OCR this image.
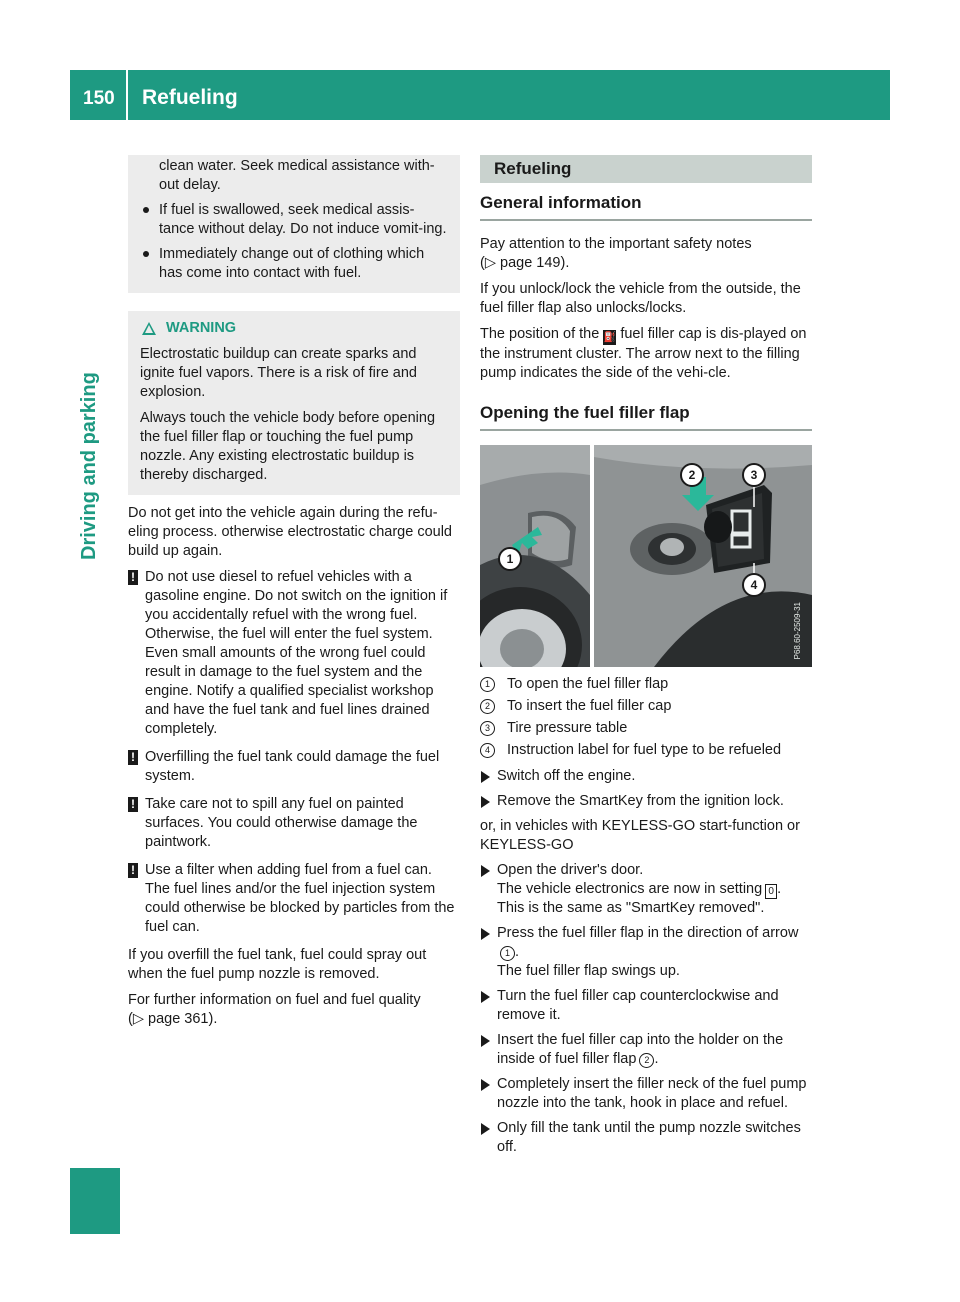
150 Refueling
Driving and parking
clean water. Seek medical assistance with-out delay.
If fuel is swallowed, seek medical assis-tance without delay. Do not induce vomit-ing.
Immediately change out of clothing which has come into contact with fuel.
WARNING
Electrostatic buildup can create sparks and ignite fuel vapors. There is a risk of fire and explosion.
Always touch the vehicle body before opening the fuel filler flap or touching the fuel pump nozzle. Any existing electrostatic buildup is thereby discharged.

Do not get into the vehicle again during the refu-eling process. otherwise electrostatic charge could build up again.

! Do not use diesel to refuel vehicles with a gasoline engine. Do not switch on the ignition if you accidentally refuel with the wrong fuel. Otherwise, the fuel will enter the fuel system. Even small amounts of the wrong fuel could result in damage to the fuel system and the engine. Notify a qualified specialist workshop and have the fuel tank and fuel lines drained completely.
! Overfilling the fuel tank could damage the fuel system.
! Take care not to spill any fuel on painted surfaces. You could otherwise damage the paintwork.
! Use a filter when adding fuel from a fuel can. The fuel lines and/or the fuel injection system could otherwise be blocked by particles from the fuel can.

If you overfill the fuel tank, fuel could spray out when the fuel pump nozzle is removed.

For further information on fuel and fuel quality
(▷ page 361).

Refueling
General information

Pay attention to the important safety notes
(▷ page 149).

If you unlock/lock the vehicle from the outside, the fuel filler flap also unlocks/locks.

The position of the ⛽ fuel filler cap is dis-played on the instrument cluster. The arrow next to the filling pump indicates the side of the vehi-cle.

Opening the fuel filler flap
1
2	3
4
P68.60-2509-31
1	To open the fuel filler flap
2	To insert the fuel filler cap
3	Tire pressure table
4	Instruction label for fuel type to be refueled
Switch off the engine.
Remove the SmartKey from the ignition lock.
or, in vehicles with KEYLESS-GO start-function or KEYLESS-GO
Open the driver's door.
The vehicle electronics are now in setting 0 .
This is the same as "SmartKey removed".
Press the fuel filler flap in the direction of arrow1 .
The fuel filler flap swings up.
Turn the fuel filler cap counterclockwise and remove it.
Insert the fuel filler cap into the holder on the inside of fuel filler flap 2 .
Completely insert the filler neck of the fuel pump nozzle into the tank, hook in place and refuel.
Only fill the tank until the pump nozzle switches off.
